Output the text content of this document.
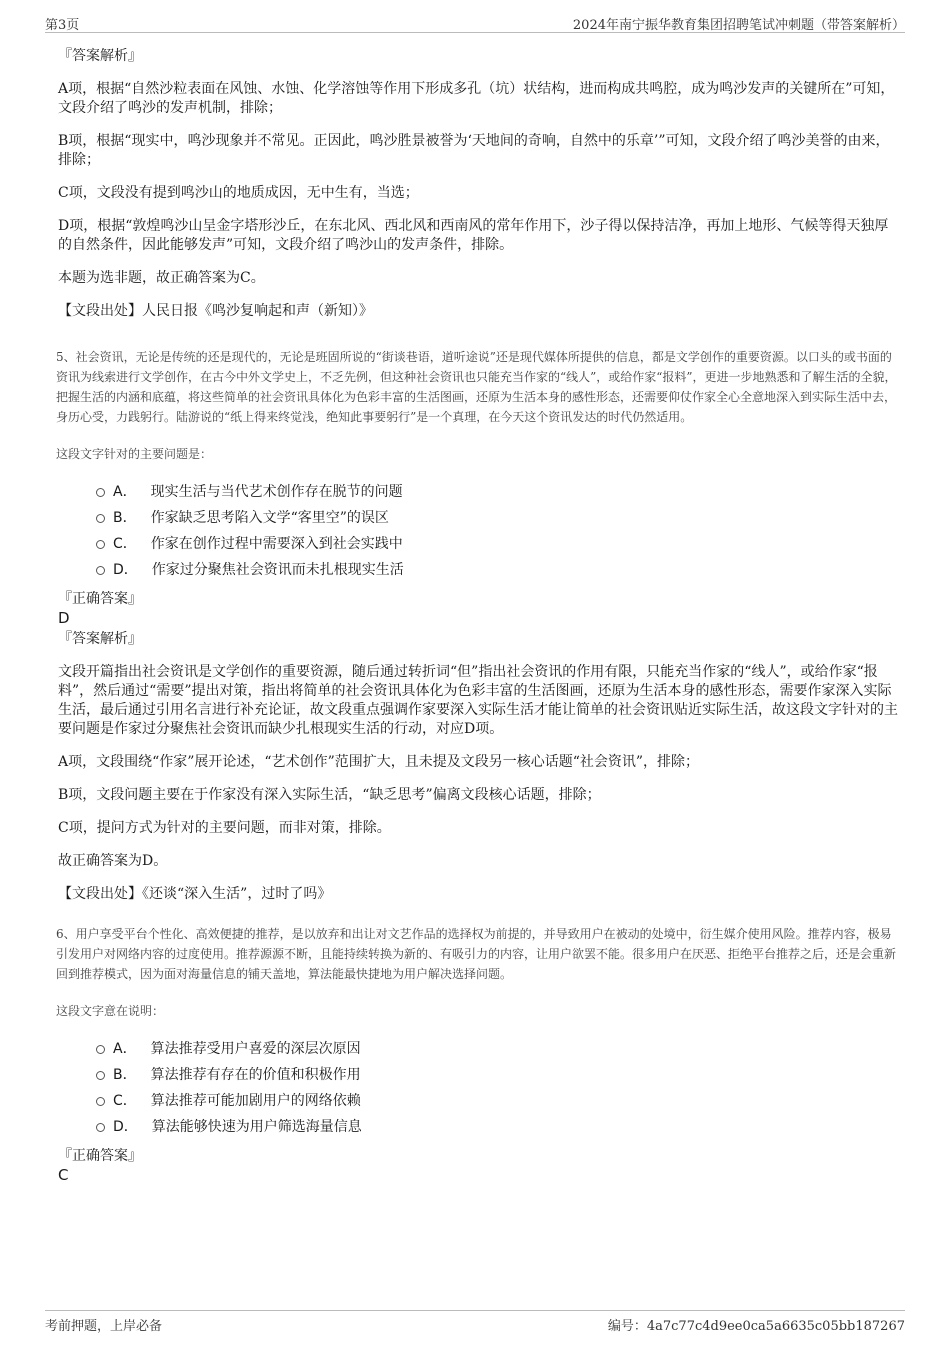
第3页	2024年南宁振华教育集团招聘笔试冲刺题（带答案解析）
『答案解析』
A项，根据“自然沙粒表面在风蚀、水蚀、化学溶蚀等作用下形成多孔（坑）状结构，进而构成共鸣腔，成为鸣沙发声的关键所在”可知，文段介绍了鸣沙的发声机制，排除；
B项，根据“现实中，鸣沙现象并不常见。正因此，鸣沙胜景被誉为‘天地间的奇响，自然中的乐章’”可知，文段介绍了鸣沙美誉的由来，排除；
C项，文段没有提到鸣沙山的地质成因，无中生有，当选；
D项，根据“敦煌鸣沙山呈金字塔形沙丘，在东北风、西北风和西南风的常年作用下，沙子得以保持洁净，再加上地形、气候等得天独厚的自然条件，因此能够发声”可知，文段介绍了鸣沙山的发声条件，排除。
本题为选非题，故正确答案为C。
【文段出处】人民日报《鸣沙复响起和声（新知）》
5、社会资讯，无论是传统的还是现代的，无论是班固所说的“街谈巷语，道听途说”还是现代媒体所提供的信息，都是文学创作的重要资源。以口头的或书面的资讯为线索进行文学创作，在古今中外文学史上，不乏先例，但这种社会资讯也只能充当作家的“线人”，或给作家“报料”，更进一步地熟悉和了解生活的全貌，把握生活的内涵和底蕴，将这些简单的社会资讯具体化为色彩丰富的生活图画，还原为生活本身的感性形态，还需要仰仗作家全心全意地深入到实际生活中去，身历心受，力践躬行。陆游说的“纸上得来终觉浅，绝知此事要躬行”是一个真理，在今天这个资讯发达的时代仍然适用。
这段文字针对的主要问题是：
A． 现实生活与当代艺术创作存在脱节的问题
B． 作家缺乏思考陷入文学“客里空”的误区
C． 作家在创作过程中需要深入到社会实践中
D． 作家过分聚焦社会资讯而未扎根现实生活
『正确答案』
D
『答案解析』
文段开篇指出社会资讯是文学创作的重要资源，随后通过转折词“但”指出社会资讯的作用有限，只能充当作家的“线人”，或给作家“报料”，然后通过“需要”提出对策，指出将简单的社会资讯具体化为色彩丰富的生活图画，还原为生活本身的感性形态，需要作家深入实际生活，最后通过引用名言进行补充论证，故文段重点强调作家要深入实际生活才能让简单的社会资讯贴近实际生活，故这段文字针对的主要问题是作家过分聚焦社会资讯而缺少扎根现实生活的行动，对应D项。
A项，文段围绕“作家”展开论述，“艺术创作”范围扩大，且未提及文段另一核心话题“社会资讯”，排除；
B项，文段问题主要在于作家没有深入实际生活，“缺乏思考”偏离文段核心话题，排除；
C项，提问方式为针对的主要问题，而非对策，排除。
故正确答案为D。
【文段出处】《还谈“深入生活”，过时了吗》
6、用户享受平台个性化、高效便捷的推荐，是以放弃和出让对文艺作品的选择权为前提的，并导致用户在被动的处境中，衍生媒介使用风险。推荐内容，极易引发用户对网络内容的过度使用。推荐源源不断，且能持续转换为新的、有吸引力的内容，让用户欲罢不能。很多用户在厌恶、拒绝平台推荐之后，还是会重新回到推荐模式，因为面对海量信息的铺天盖地，算法能最快捷地为用户解决选择问题。
这段文字意在说明：
A． 算法推荐受用户喜爱的深层次原因
B． 算法推荐有存在的价值和积极作用
C． 算法推荐可能加剧用户的网络依赖
D． 算法能够快速为用户筛选海量信息
『正确答案』
C
考前押题，上岸必备	编号：4a7c77c4d9ee0ca5a6635c05bb187267
